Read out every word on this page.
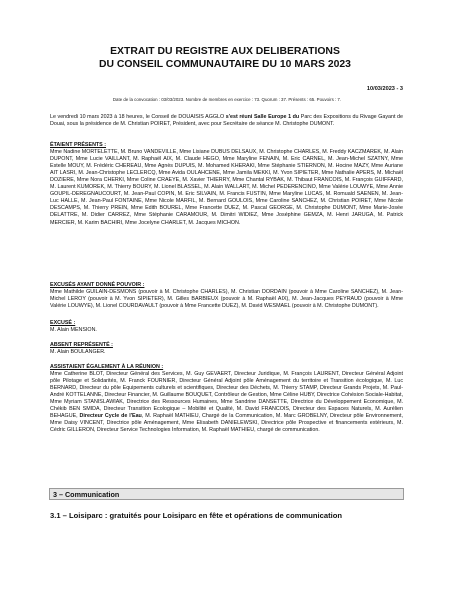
EXTRAIT DU REGISTRE AUX DELIBERATIONS
DU CONSEIL COMMUNAUTAIRE DU 10 MARS 2023
10/03/2023 - 3
Date de la convocation : 03/03/2023. Nombre de membres en exercice : 73. Quorum : 37. Présents : 65. Pouvoirs : 7.
Le vendredi 10 mars 2023 à 18 heures, le Conseil de DOUAISIS AGGLO s'est réuni Salle Europe 1 du Parc des Expositions du Rivage Gayant de Douai, sous la présidence de M. Christian POIRET, Président, avec pour Secrétaire de séance M. Christophe DUMONT.
ÉTAIENT PRÉSENTS :
Mme Nadine MORTELETTE, M. Bruno VANDEVILLE, Mme Lisiane DUBUS DELSAUX, M. Christophe CHARLES, M. Freddy KACZMAREK, M. Alain DUPONT, Mme Lucie VAILLANT, M. Raphaël AIX, M. Claude HEGO, Mme Maryline FENAIN, M. Eric CARNEL, M. Jean-Michel SZATNY, Mme Estelle MOUY, M. Frédéric CHEREAU, Mme Agnès DUPUIS, M. Mohamed KHERAKI, Mme Stéphanie STIERNON, M. Hocine MAZY, Mme Auriane AIT LASRI, M. Jean-Christophe LECLERCQ, Mme Avida OULAHCENE, Mme Jamila MEKKI, M. Yvon SIPIETER, Mme Nathalie APERS, M. Michaël DOZIERE, Mme Nora CHERKI, Mme Coline CRAEYE, M. Xavier THIERRY, Mme Chantal RYBAK, M. Thibaut FRANCOIS, M. François GUIFFARD, M. Laurent KUMOREK, M. Thierry BOURY, M. Lionel BLASSEL, M. Alain WALLART, M. Michel PEDERENCINO, Mme Valérie LOUWYE, Mme Annie GOUPIL-DEREGNAUCOURT, M. Jean-Paul COPIN, M. Eric SILVAIN, M. Francis FUSTIN, Mme Maryline LUCAS, M. Romuald SAENEN, M. Jean-Luc HALLE, M. Jean-Paul FONTAINE, Mme Nicole MARFIL, M. Bernard GOULOIS, Mme Caroline SANCHEZ, M. Christian POIRET, Mme Nicole DESCAMPS, M. Thierry PREIN, Mme Edith BOUREL, Mme Francette DUEZ, M. Pascal GEORGE, M. Christophe DUMONT, Mme Marie-Josée DELATTRE, M. Didier CARREZ, Mme Stéphanie CARAMOUR, M. Dimitri WIDIEZ, Mme Joséphine GEMZA, M. Henri JARUGA, M. Patrick MERCIER, M. Karim BACHIRI, Mme Jocelyne CHARLET, M. Jacques MICHON.
EXCUSÉS AYANT DONNÉ POUVOIR :
Mme Mathilde GUILAIN-DESMONS (pouvoir à M. Christophe CHARLES), M. Christian DORDAIN (pouvoir à Mme Caroline SANCHEZ), M. Jean-Michel LEROY (pouvoir à M. Yvon SIPIETER), M. Gilles BARBIEUX (pouvoir à M. Raphaël AIX), M. Jean-Jacques PEYRAUD (pouvoir à Mme Valérie LOUWYE), M. Lionel COURDAVAULT (pouvoir à Mme Francette DUEZ), M. David WESMAEL (pouvoir à M. Christophe DUMONT).
EXCUSÉ :
M. Alain MENSION.
ABSENT REPRÉSENTÉ :
M. Alain BOULANGER.
ASSISTAIENT ÉGALEMENT À LA RÉUNION :
Mme Catherine BLOT, Directeur Général des Services, M. Guy GEVAERT, Directeur Juridique, M. François LAURENT, Directeur Général Adjoint pôle Pilotage et Solidarités, M. Franck FOURNIER, Directeur Général Adjoint pôle Aménagement du territoire et Transition écologique, M. Luc BERNARD, Directeur du pôle Equipements culturels et scientifiques, Directeur des Déchets, M. Thierry STAMP, Directeur Grands Projets, M. Paul-André KOTTELANNE, Directeur Financier, M. Guillaume BOUQUET, Contrôleur de Gestion, Mme Céline HUBY, Directrice Cohésion Sociale-Habitat, Mme Myriam STANISLAWIAK, Directrice des Ressources Humaines, Mme Sandrine DANSETTE, Directrice du Développement Economique, M. Chékib BEN SMIDA, Directeur Transition Ecologique – Mobilité et Qualité, M. David FRANCOIS, Directeur des Espaces Naturels, M. Aurélien BEHAGUE, Directeur Cycle de l'Eau, M. Raphaël MATHIEU, Chargé de la Communication, M. Marc GROBELNY, Directeur pôle Environnement, Mme Daisy VINCENT, Directrice pôle Aménagement, Mme Elisabeth DANIELEWSKI, Directrice pôle Prospective et financements extérieurs, M. Cédric GILLERON, Directeur Service Technologies Information, M. Raphaël MATHIEU, chargé de communication.
3 – Communication
3.1 – Loisiparc : gratuités pour Loisiparc en fête et opérations de communication
